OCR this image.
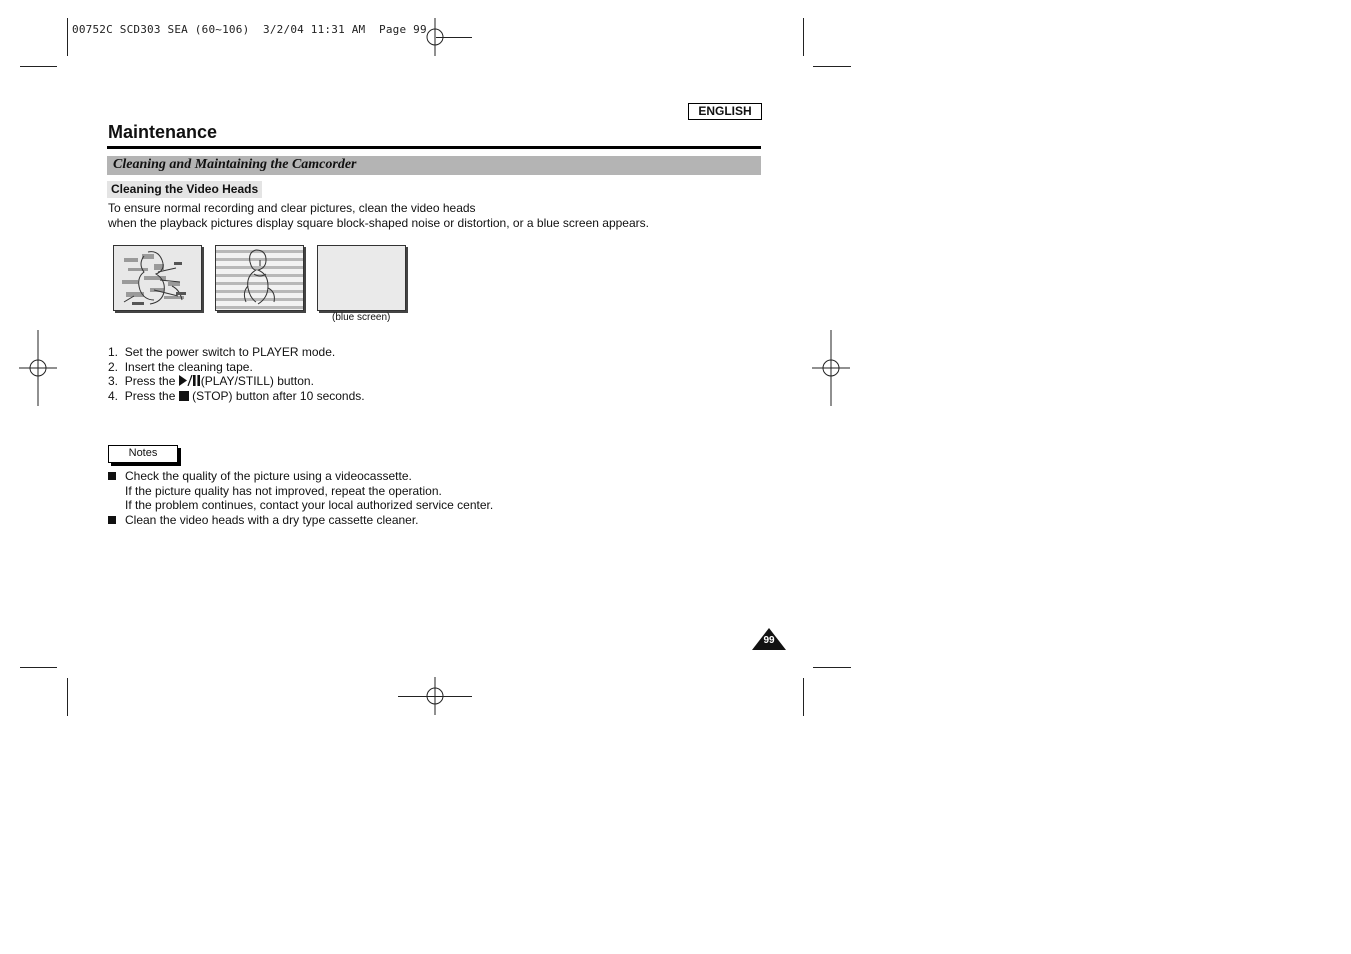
00752C SCD303 SEA (60~106)  3/2/04 11:31 AM  Page 99
ENGLISH
Maintenance
Cleaning and Maintaining the Camcorder
Cleaning the Video Heads
To ensure normal recording and clear pictures, clean the video heads
when the playback pictures display square block-shaped noise or distortion, or a blue screen appears.
(blue screen)
1. Set the power switch to PLAYER mode.
2. Insert the cleaning tape.
3. Press the (PLAY/STILL) button.
4. Press the (STOP) button after 10 seconds.
Notes
Check the quality of the picture using a videocassette.
If the picture quality has not improved, repeat the operation.
If the problem continues, contact your local authorized service center.
Clean the video heads with a dry type cassette cleaner.
99
